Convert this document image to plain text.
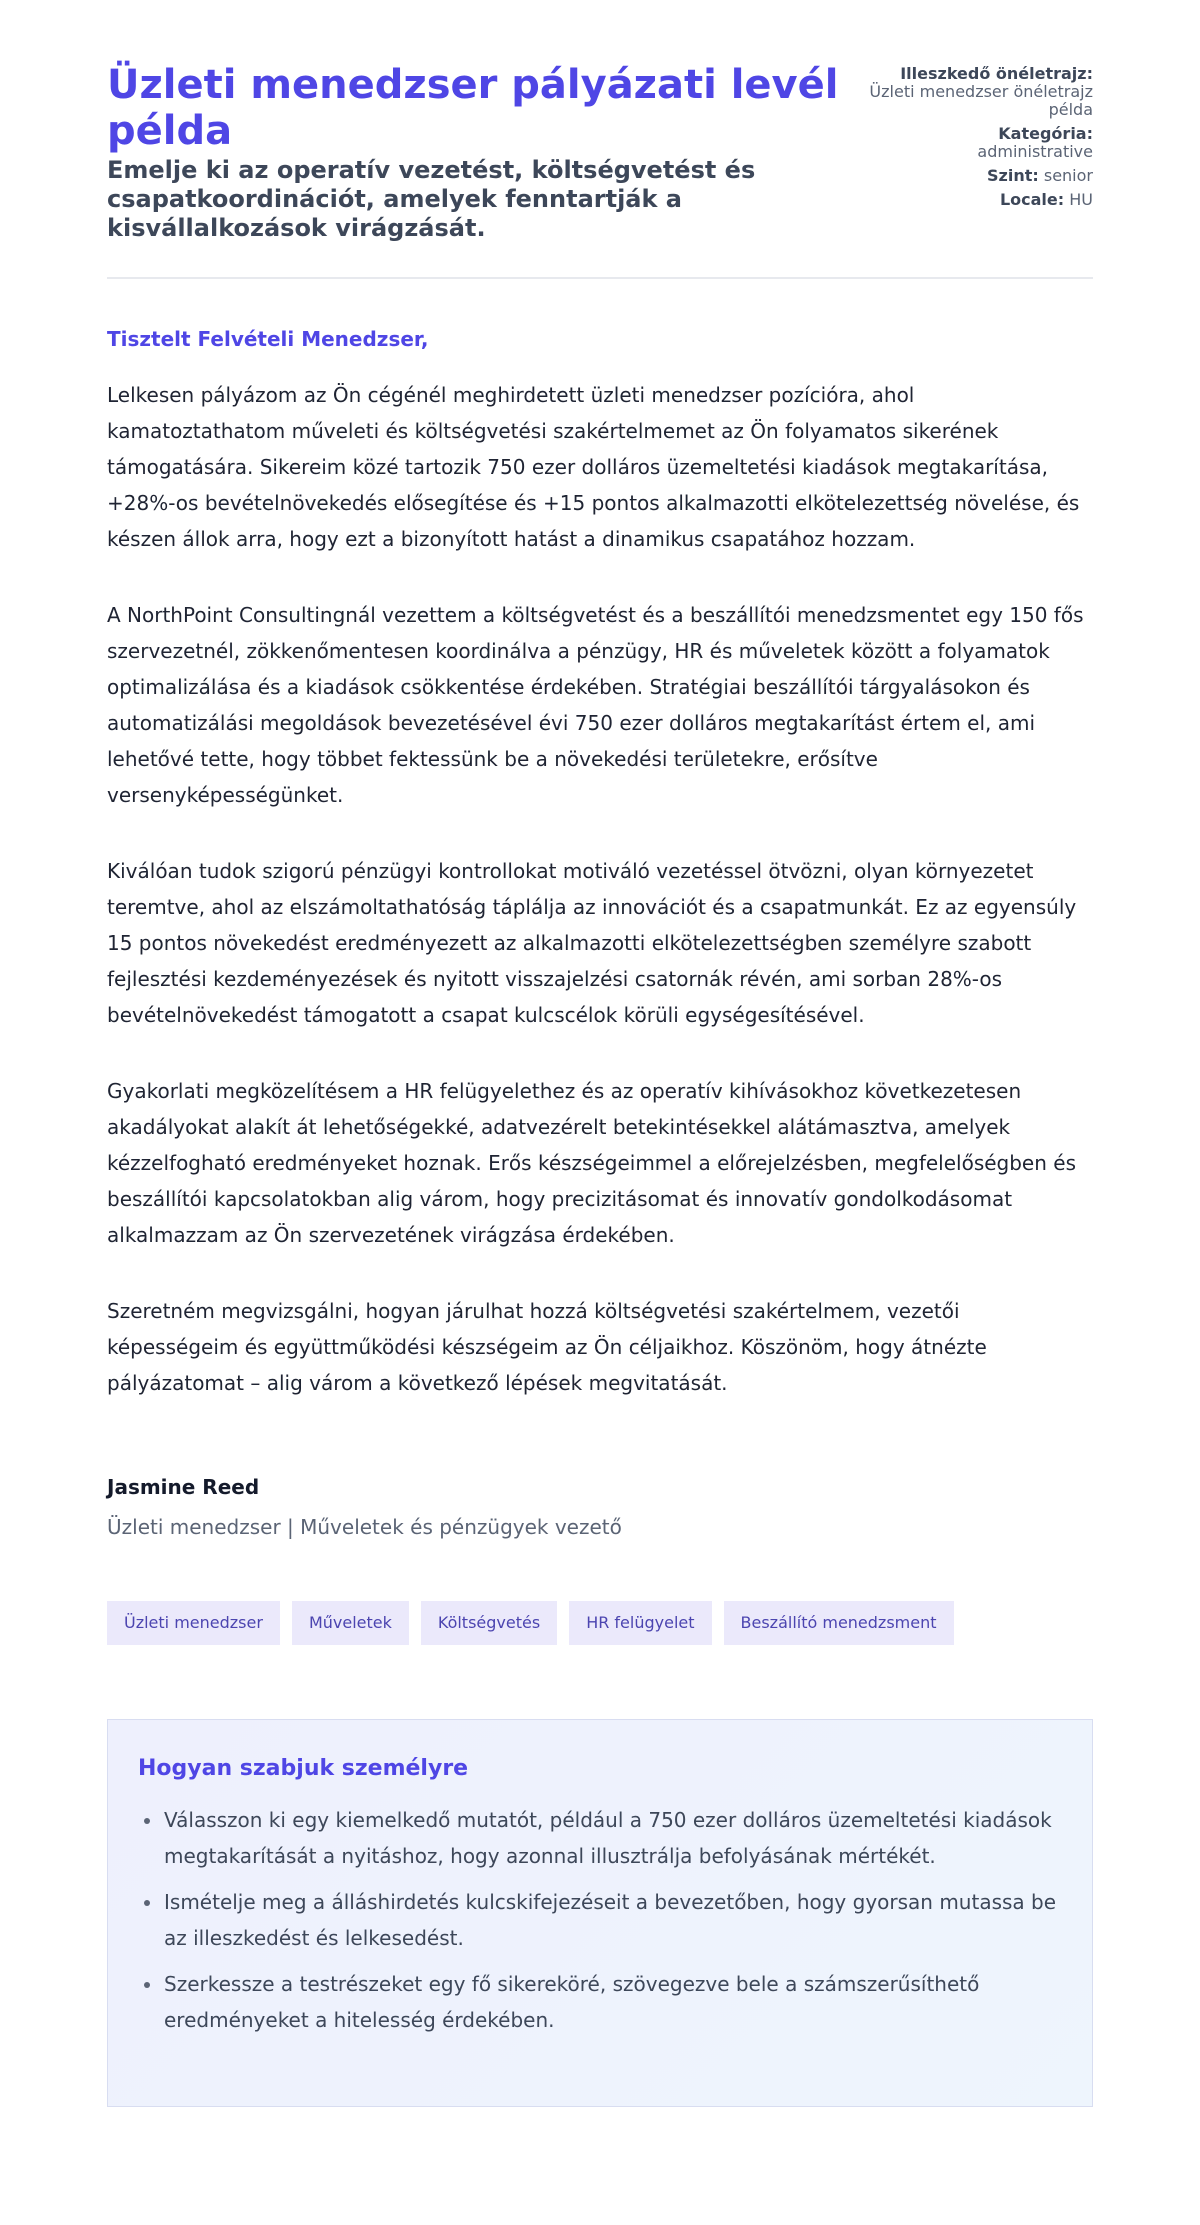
Üzleti menedzser pályázati levél példa
Emelje ki az operatív vezetést, költségvetést és csapatkoordinációt, amelyek fenntartják a kisvállalkozások virágzását.
Illeszkedő önéletrajz:
Üzleti menedzser önéletrajz példa
Kategória:
administrative
Szint: senior
Locale: HU

Tisztelt Felvételi Menedzser,

Lelkesen pályázom az Ön cégénél meghirdetett üzleti menedzser pozícióra, ahol kamatoztathatom műveleti és költségvetési szakértelmemet az Ön folyamatos sikerének támogatására. Sikereim közé tartozik 750 ezer dolláros üzemeltetési kiadások megtakarítása, +28%-os bevételnövekedés elősegítése és +15 pontos alkalmazotti elkötelezettség növelése, és készen állok arra, hogy ezt a bizonyított hatást a dinamikus csapatához hozzam.

A NorthPoint Consultingnál vezettem a költségvetést és a beszállítói menedzsmentet egy 150 fős szervezetnél, zökkenőmentesen koordinálva a pénzügy, HR és műveletek között a folyamatok optimalizálása és a kiadások csökkentése érdekében. Stratégiai beszállítói tárgyalásokon és automatizálási megoldások bevezetésével évi 750 ezer dolláros megtakarítást értem el, ami lehetővé tette, hogy többet fektessünk be a növekedési területekre, erősítve versenyképességünket.

Kiválóan tudok szigorú pénzügyi kontrollokat motiváló vezetéssel ötvözni, olyan környezetet teremtve, ahol az elszámoltathatóság táplálja az innovációt és a csapatmunkát. Ez az egyensúly 15 pontos növekedést eredményezett az alkalmazotti elkötelezettségben személyre szabott fejlesztési kezdeményezések és nyitott visszajelzési csatornák révén, ami sorban 28%-os bevételnövekedést támogatott a csapat kulcscélok körüli egységesítésével.

Gyakorlati megközelítésem a HR felügyelethez és az operatív kihívásokhoz következetesen akadályokat alakít át lehetőségekké, adatvezérelt betekintésekkel alátámasztva, amelyek kézzelfogható eredményeket hoznak. Erős készségeimmel a előrejelzésben, megfelelőségben és beszállítói kapcsolatokban alig várom, hogy precizitásomat és innovatív gondolkodásomat alkalmazzam az Ön szervezetének virágzása érdekében.

Szeretném megvizsgálni, hogyan járulhat hozzá költségvetési szakértelmem, vezetői képességeim és együttműködési készségeim az Ön céljaikhoz. Köszönöm, hogy átnézte pályázatomat – alig várom a következő lépések megvitatását.

Jasmine Reed
Üzleti menedzser | Műveletek és pénzügyek vezető
Üzleti menedzser	Műveletek	Költségvetés	HR felügyelet	Beszállító menedzsment
Hogyan szabjuk személyre
Válasszon ki egy kiemelkedő mutatót, például a 750 ezer dolláros üzemeltetési kiadások megtakarítását a nyitáshoz, hogy azonnal illusztrálja befolyásának mértékét.
Ismételje meg a álláshirdetés kulcskifejezéseit a bevezetőben, hogy gyorsan mutassa be az illeszkedést és lelkesedést.
Szerkessze a testrészeket egy fő sikereköré, szövegezve bele a számszerűsíthető eredményeket a hitelesség érdekében.
